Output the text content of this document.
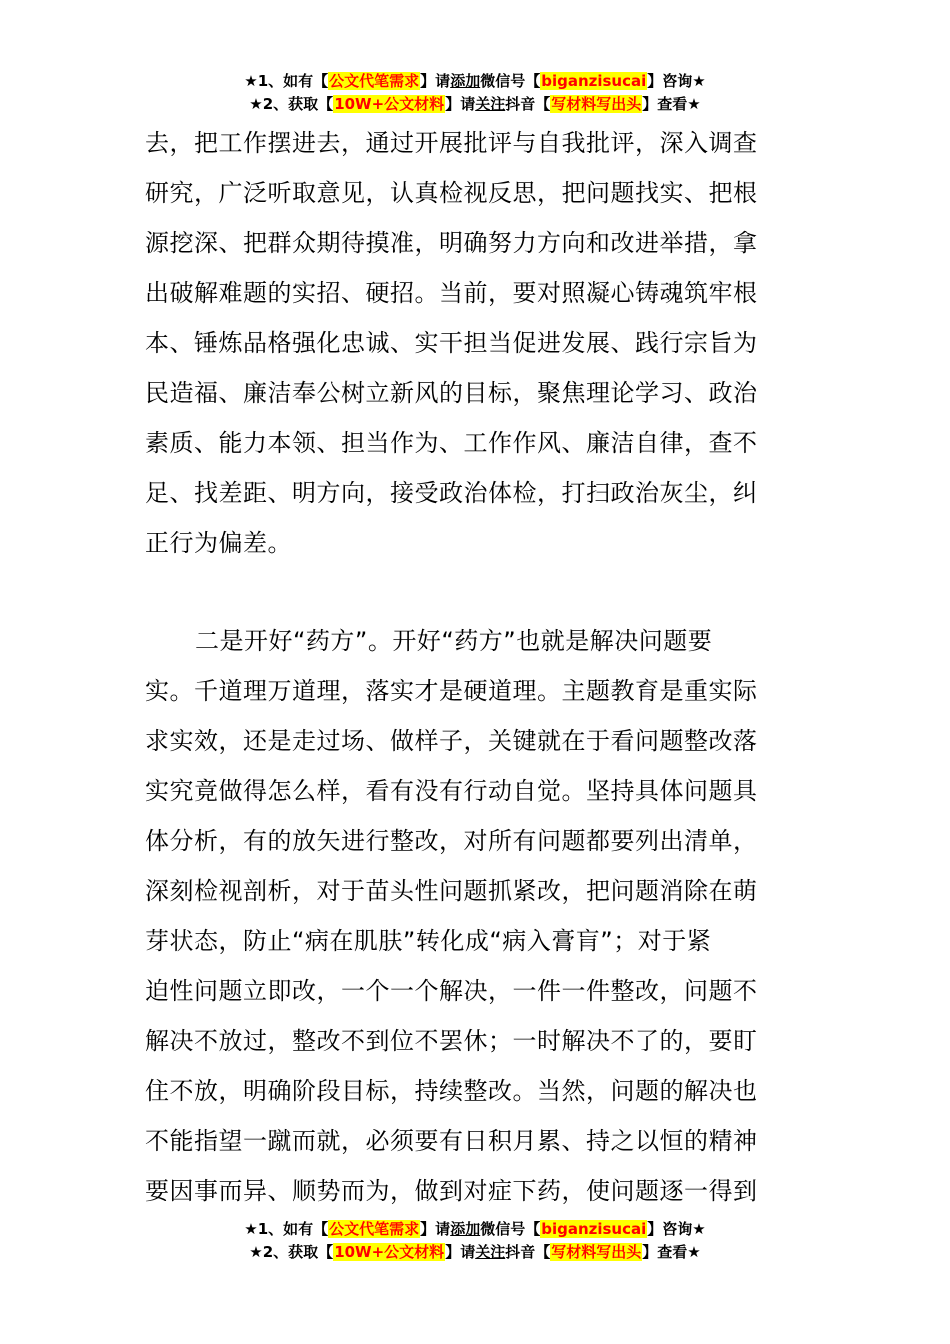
★1、如有【公文代笔需求】请添加微信号【biganzisucai】咨询★
★2、获取【10W+公文材料】请关注抖音【写材料写出头】查看★
去，把工作摆进去，通过开展批评与自我批评，深入调查
研究，广泛听取意见，认真检视反思，把问题找实、把根
源挖深、把群众期待摸准，明确努力方向和改进举措，拿
出破解难题的实招、硬招。当前，要对照凝心铸魂筑牢根
本、锤炼品格强化忠诚、实干担当促进发展、践行宗旨为
民造福、廉洁奉公树立新风的目标，聚焦理论学习、政治
素质、能力本领、担当作为、工作作风、廉洁自律，查不
足、找差距、明方向，接受政治体检，打扫政治灰尘，纠
正行为偏差。
二是开好“药方”。开好“药方”也就是解决问题要
实。千道理万道理，落实才是硬道理。主题教育是重实际
求实效，还是走过场、做样子，关键就在于看问题整改落
实究竟做得怎么样，看有没有行动自觉。坚持具体问题具
体分析，有的放矢进行整改，对所有问题都要列出清单，
深刻检视剖析，对于苗头性问题抓紧改，把问题消除在萌
芽状态，防止“病在肌肤”转化成“病入膏肓”；对于紧
迫性问题立即改，一个一个解决，一件一件整改，问题不
解决不放过，整改不到位不罢休；一时解决不了的，要盯
住不放，明确阶段目标，持续整改。当然，问题的解决也
不能指望一蹴而就，必须要有日积月累、持之以恒的精神
要因事而异、顺势而为，做到对症下药，使问题逐一得到
★1、如有【公文代笔需求】请添加微信号【biganzisucai】咨询★
★2、获取【10W+公文材料】请关注抖音【写材料写出头】查看★
